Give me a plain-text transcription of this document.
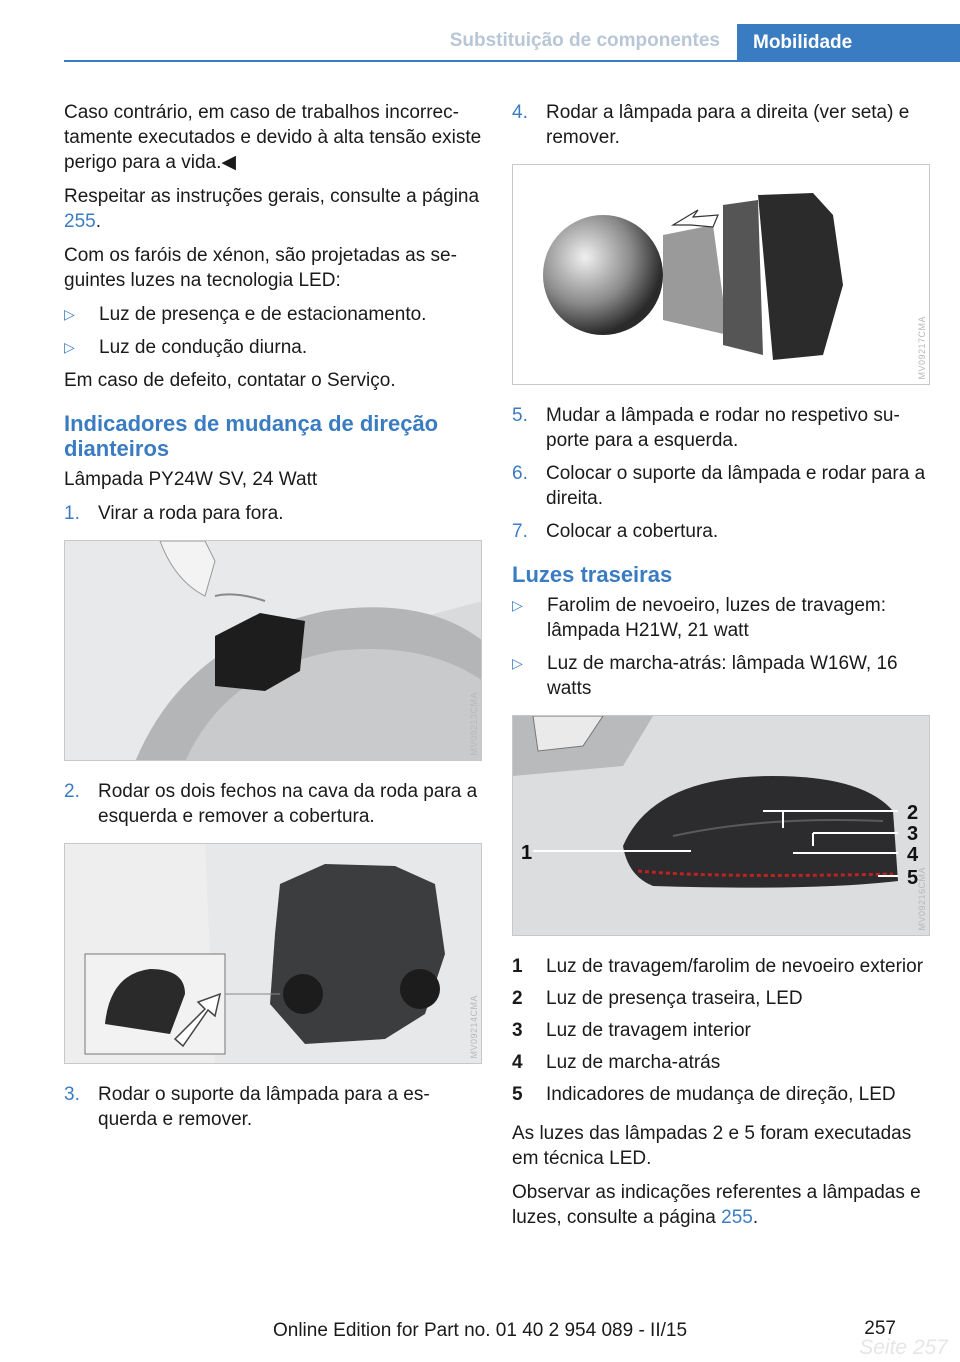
Substituição de componentes	Mobilidade

Caso contrário, em caso de trabalhos incorrectamente executados e devido à alta tensão existe perigo para a vida.◀

Respeitar as instruções gerais, consulte a página 255.

Com os faróis de xénon, são projetadas as seguintes luzes na tecnologia LED:

▷ Luz de presença e de estacionamento.
▷ Luz de condução diurna.

Em caso de defeito, contatar o Serviço.

Indicadores de mudança de direção dianteiros

Lâmpada PY24W SV, 24 Watt

1. Virar a roda para fora.
MV09213CMA
2. Rodar os dois fechos na cava da roda para a esquerda e remover a cobertura.
MV09214CMA
3. Rodar o suporte da lâmpada para a esquerda e remover.
4. Rodar a lâmpada para a direita (ver seta) e remover.
MV09217CMA
5. Mudar a lâmpada e rodar no respetivo suporte para a esquerda.
6. Colocar o suporte da lâmpada e rodar para a direita.
7. Colocar a cobertura.
Luzes traseiras
▷ Farolim de nevoeiro, luzes de travagem: lâmpada H21W, 21 watt
▷ Luz de marcha-atrás: lâmpada W16W, 16 watts
1
2
3
4
5
MV09216CMA
1 Luz de travagem/farolim de nevoeiro exterior
2 Luz de presença traseira, LED
3 Luz de travagem interior
4 Luz de marcha-atrás
5 Indicadores de mudança de direção, LED

As luzes das lâmpadas 2 e 5 foram executadas em técnica LED.

Observar as indicações referentes a lâmpadas e luzes, consulte a página 255.

257
Online Edition for Part no. 01 40 2 954 089 - II/15
Seite 257
